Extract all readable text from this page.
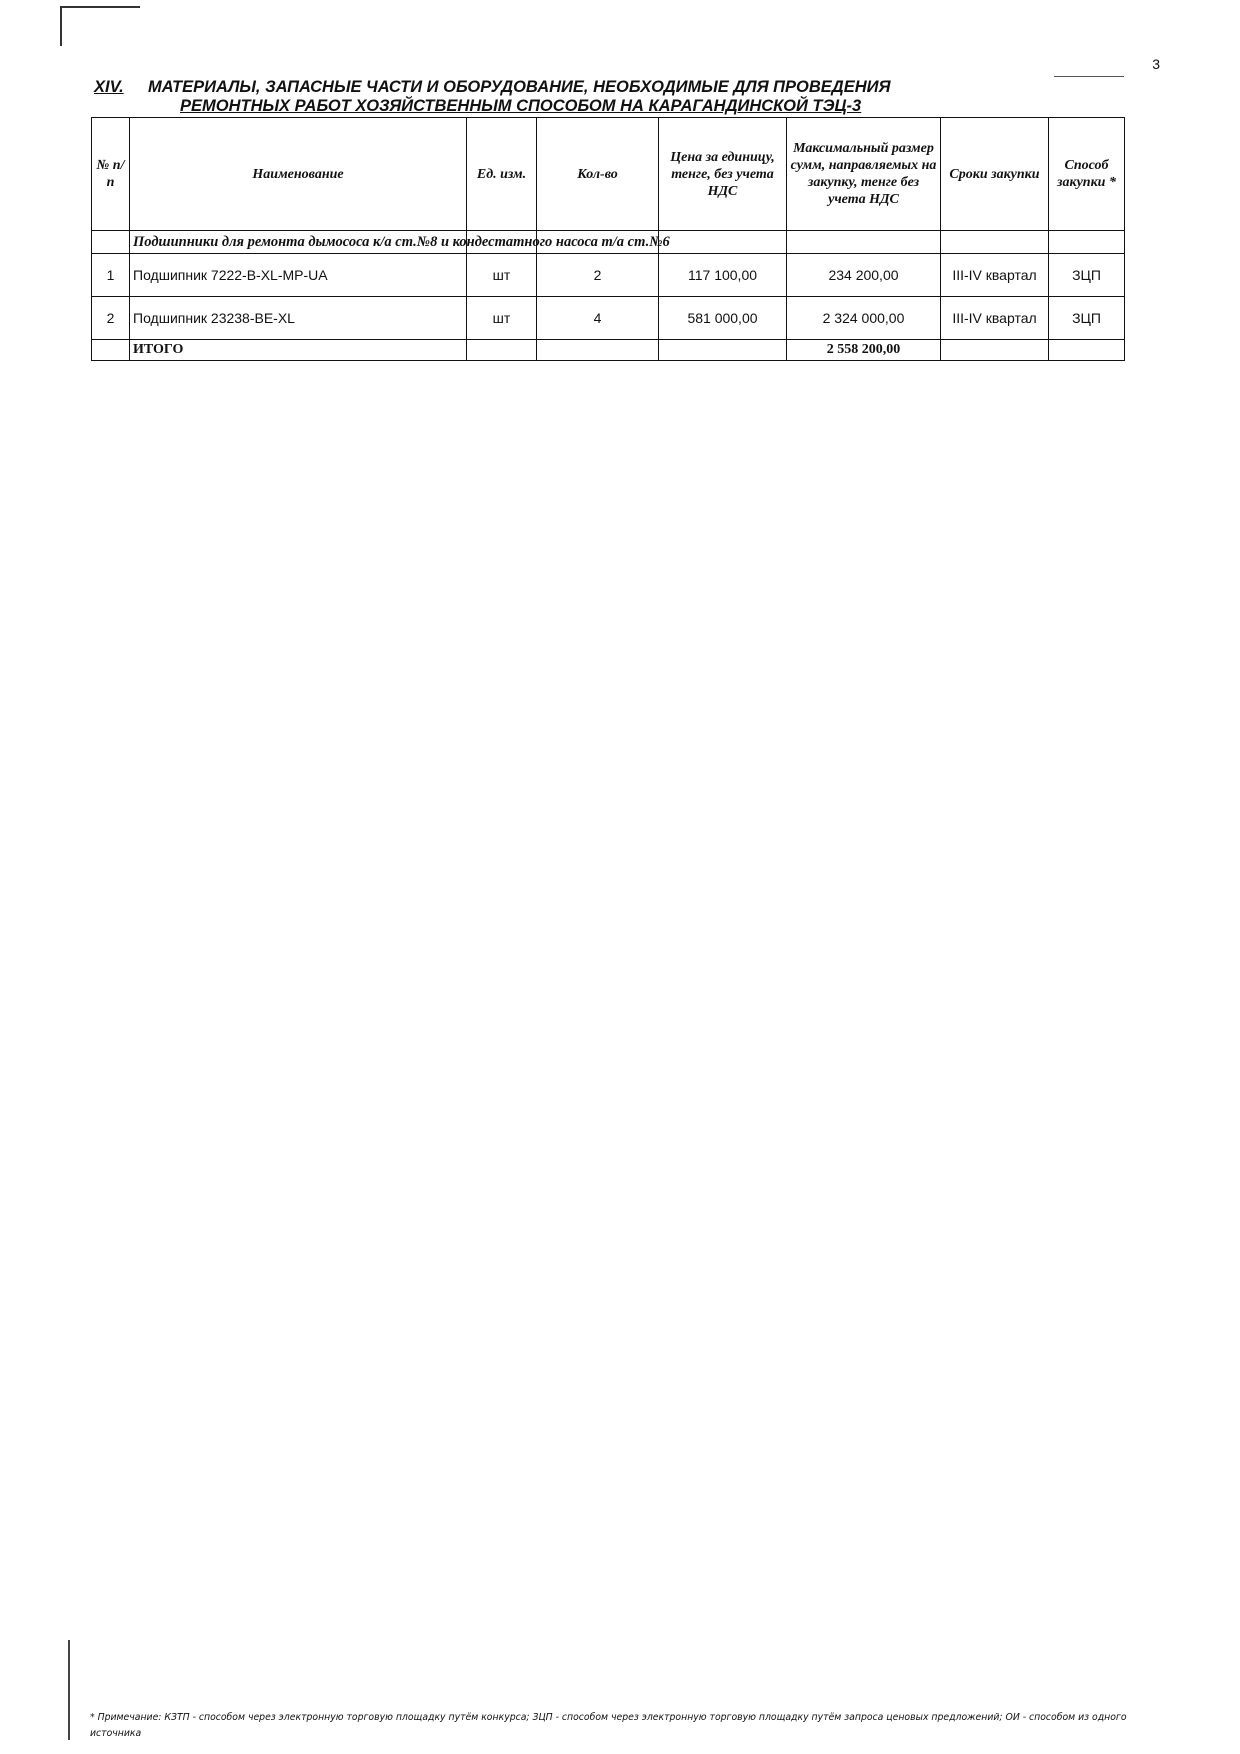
3
XIV.	МАТЕРИАЛЫ, ЗАПАСНЫЕ ЧАСТИ И ОБОРУДОВАНИЕ, НЕОБХОДИМЫЕ ДЛЯ ПРОВЕДЕНИЯ
РЕМОНТНЫХ РАБОТ ХОЗЯЙСТВЕННЫМ СПОСОБОМ НА КАРАГАНДИНСКОЙ ТЭЦ-3
№ п/п	Наименование	Ед. изм.	Кол-во	Цена за единицу, тенге, без учета НДС	Максимальный размер сумм, направляемых на закупку, тенге без учета НДС	Сроки закупки	Способ закупки *
	Подшипники для ремонта дымососа к/а ст.№8 и кондестатного насоса т/а ст.№6						
1	Подшипник 7222-B-XL-MP-UA	шт	2	117 100,00	234 200,00	III-IV квартал	ЗЦП
2	Подшипник 23238-BE-XL	шт	4	581 000,00	2 324 000,00	III-IV квартал	ЗЦП
	ИТОГО				2 558 200,00		
* Примечание: КЗТП - способом через электронную торговую площадку путём конкурса; ЗЦП - способом через электронную торговую площадку путём запроса ценовых предложений; ОИ - способом из одного источника
